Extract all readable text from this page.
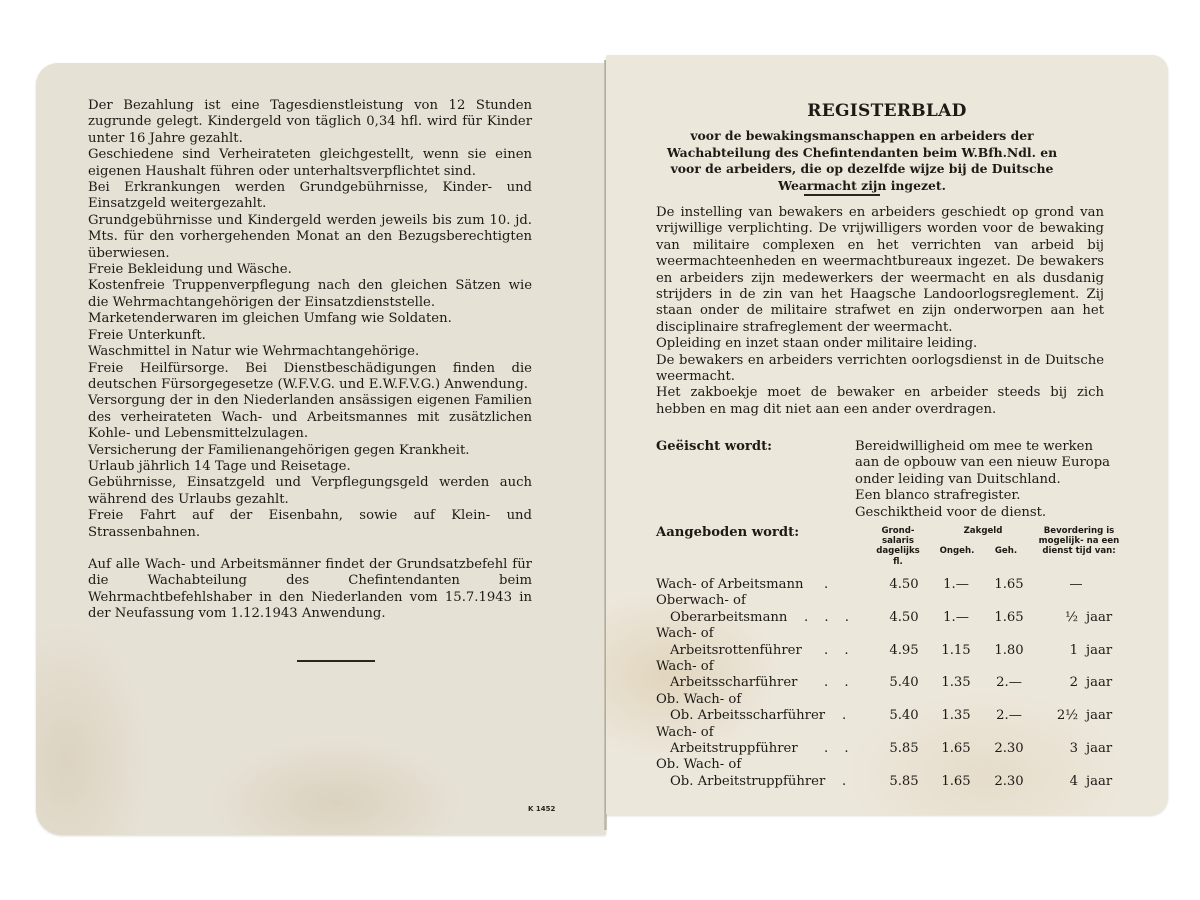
Der Bezahlung ist eine Tagesdienstleistung von 12 Stunden zugrunde gelegt. Kindergeld von täglich 0,34 hfl. wird für Kinder unter 16 Jahre gezahlt.

Geschiedene sind Verheirateten gleichgestellt, wenn sie einen eigenen Haushalt führen oder unterhaltsverpflichtet sind.

Bei Erkrankungen werden Grundgebührnisse, Kinder- und Einsatzgeld weitergezahlt.

Grundgebührnisse und Kindergeld werden jeweils bis zum 10. jd. Mts. für den vorhergehenden Monat an den Bezugsberechtigten überwiesen.

Freie Bekleidung und Wäsche.

Kostenfreie Truppenverpflegung nach den gleichen Sätzen wie die Wehrmachtangehörigen der Einsatzdienststelle.

Marketenderwaren im gleichen Umfang wie Soldaten.

Freie Unterkunft.

Waschmittel in Natur wie Wehrmachtangehörige.

Freie Heilfürsorge. Bei Dienstbeschädigungen finden die deutschen Fürsorgegesetze (W.F.V.G. und E.W.F.V.G.) Anwendung.

Versorgung der in den Niederlanden ansässigen eigenen Familien des verheirateten Wach- und Arbeitsmannes mit zusätzlichen Kohle- und Lebensmittelzulagen.

Versicherung der Familienangehörigen gegen Krankheit.

Urlaub jährlich 14 Tage und Reisetage.

Gebührnisse, Einsatzgeld und Verpflegungsgeld werden auch während des Urlaubs gezahlt.

Freie Fahrt auf der Eisenbahn, sowie auf Klein- und Strassenbahnen.

Auf alle Wach- und Arbeitsmänner findet der Grundsatzbefehl für die Wachabteilung des Chefintendanten beim Wehrmachtbefehlshaber in den Niederlanden vom 15.7.1943 in der Neufassung vom 1.12.1943 Anwendung.

K 1452
REGISTERBLAD
voor de bewakingsmanschappen en arbeiders der Wachabteilung des Chefintendanten beim W.Bfh.Ndl. en voor de arbeiders, die op dezelfde wijze bij de Duitsche Wearmacht zijn ingezet.

De instelling van bewakers en arbeiders geschiedt op grond van vrijwillige verplichting. De vrijwilligers worden voor de bewaking van militaire complexen en het verrichten van arbeid bij weermachteenheden en weermachtbureaux ingezet. De bewakers en arbeiders zijn medewerkers der weermacht en als dusdanig strijders in de zin van het Haagsche Landoorlogsreglement. Zij staan onder de militaire strafwet en zijn onderworpen aan het disciplinaire strafreglement der weermacht.

Opleiding en inzet staan onder militaire leiding.

De bewakers en arbeiders verrichten oorlogsdienst in de Duitsche weermacht.

Het zakboekje moet de bewaker en arbeider steeds bij zich hebben en mag dit niet aan een ander overdragen.

Geëischt wordt:	Bereidwilligheid om mee te werken
aan de opbouw van een nieuw Europa
onder leiding van Duitschland.
Een blanco strafregister.
Geschiktheid voor de dienst.
Aangeboden wordt:	Grond- salaris dagelijks fl.
Zakgeld
Ongeh.	Geh.
Bevordering is mogelijk- na een dienst tijd van:
Wach- of Arbeitsmann .	4.50	1.—	1.65	—
Oberwach- of
Oberarbeitsmann . . .	4.50	1.—	1.65	½ jaar
Wach- of
Arbeitsrottenführer . .	4.95	1.15 1.80	1 jaar
Wach- of
Arbeitsscharführer . .	5.40	1.35	2.—	2 jaar
Ob. Wach- of
Ob. Arbeitsscharführer .	5.40	1.35	2.—	2½ jaar
Wach- of
Arbeitstruppführer . .	5.85	1.65 2.30	3 jaar
Ob. Wach- of
Ob. Arbeitstruppführer .	5.85	1.65 2.30	4 jaar
